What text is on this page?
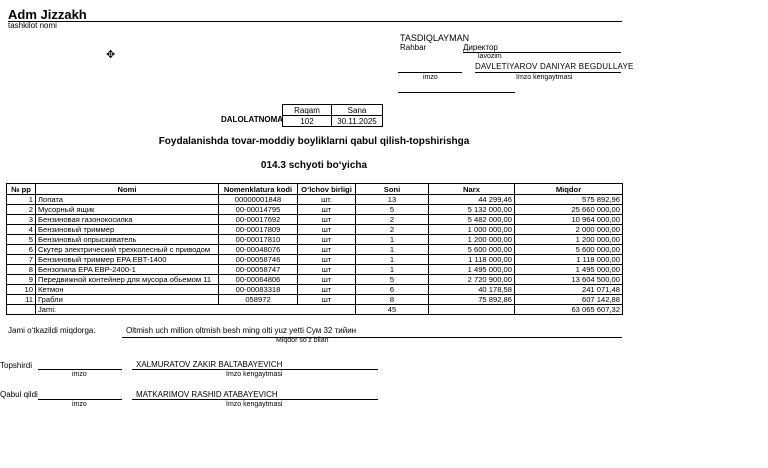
Adm Jizzakh
tashkilot nomi
✥
TASDIQLAYMAN
Rahbar	Директор
lavozim
DAVLETIYAROV DANIYAR BEGDULLAYE
imzo	Imzo kengaytmasi
Raqam	Sana
102	30.11.2025
DALOLATNOMA
Foydalanishda tovar-moddiy boyliklarni qabul qilish-topshirishga
014.3 schyoti boʻyicha
№ pp	Nomi	Nomenklatura kodi	Oʻlchov birligi	Soni	Narx	Miqdor
1	Лопата	00000001848	шт.	13	44 299,46	575 892,96
2	Мусорный ящик	00-00014795	шт	5	5 132 000,00	25 660 000,00
3	Бензиновая газонокосилка	00-00017692	шт	2	5 482 000,00	10 964 000,00
4	Бензиновый триммер	00-00017809	шт	2	1 000 000,00	2 000 000,00
5	Бензиновый опрыскиватель	00-00017810	шт	1	1 200 000,00	1 200 000,00
6	Скутер электрический трехколесный с приводом	00-00048076	шт	1	5 600 000,00	5 600 000,00
7	Бензиновый триммер EPA EBT-1400	00-00058746	шт	1	1 118 000,00	1 118 000,00
8	Бензопила EPA EBP-2400-1	00-00058747	шт	1	1 495 000,00	1 495 000,00
9	Передвижной контейнер для мусора обьемом 11	00-00064806	шт	5	2 720 900,00	13 604 500,00
10	Кетмон	00-00083318	шт	6	40 178,58	241 071,48
11	Грабли	058972	шт	8	75 892,86	607 142,88
	Jami:			45		63 065 607,32
Jami oʻtkazildi miqdorga:	Oltmish uch million oltmish besh ming olti yuz yetti Сум 32 тийин
Miqdor soʻz bilan
Topshirdi	XALMURATOV ZAKIR BALTABAYEVICH
imzo	Imzo kengaytmasi
Qabul qildi	MATKARIMOV RASHID ATABAYEVICH
imzo	Imzo kengaytmasi
